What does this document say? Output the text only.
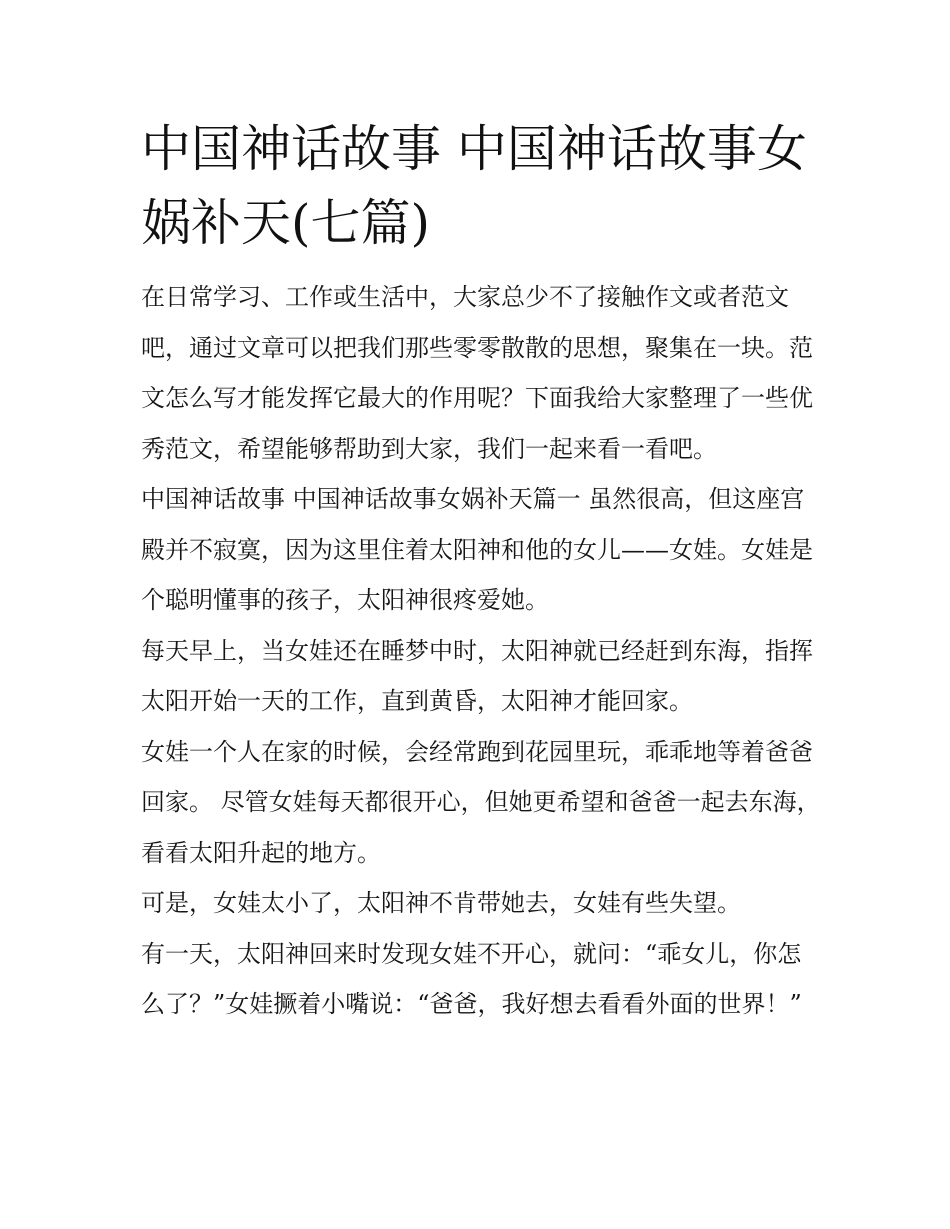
中国神话故事 中国神话故事女娲补天(七篇)

在日常学习、工作或生活中，大家总少不了接触作文或者范文吧，通过文章可以把我们那些零零散散的思想，聚集在一块。范文怎么写才能发挥它最大的作用呢？下面我给大家整理了一些优秀范文，希望能够帮助到大家，我们一起来看一看吧。

中国神话故事 中国神话故事女娲补天篇一 虽然很高，但这座宫殿并不寂寞，因为这里住着太阳神和他的女儿——女娃。女娃是个聪明懂事的孩子，太阳神很疼爱她。

每天早上，当女娃还在睡梦中时，太阳神就已经赶到东海，指挥太阳开始一天的工作，直到黄昏，太阳神才能回家。

女娃一个人在家的时候，会经常跑到花园里玩，乖乖地等着爸爸回家。 尽管女娃每天都很开心，但她更希望和爸爸一起去东海，看看太阳升起的地方。

可是，女娃太小了，太阳神不肯带她去，女娃有些失望。

有一天，太阳神回来时发现女娃不开心，就问：“乖女儿，你怎么了？”女娃撅着小嘴说：“爸爸，我好想去看看外面的世界！”
